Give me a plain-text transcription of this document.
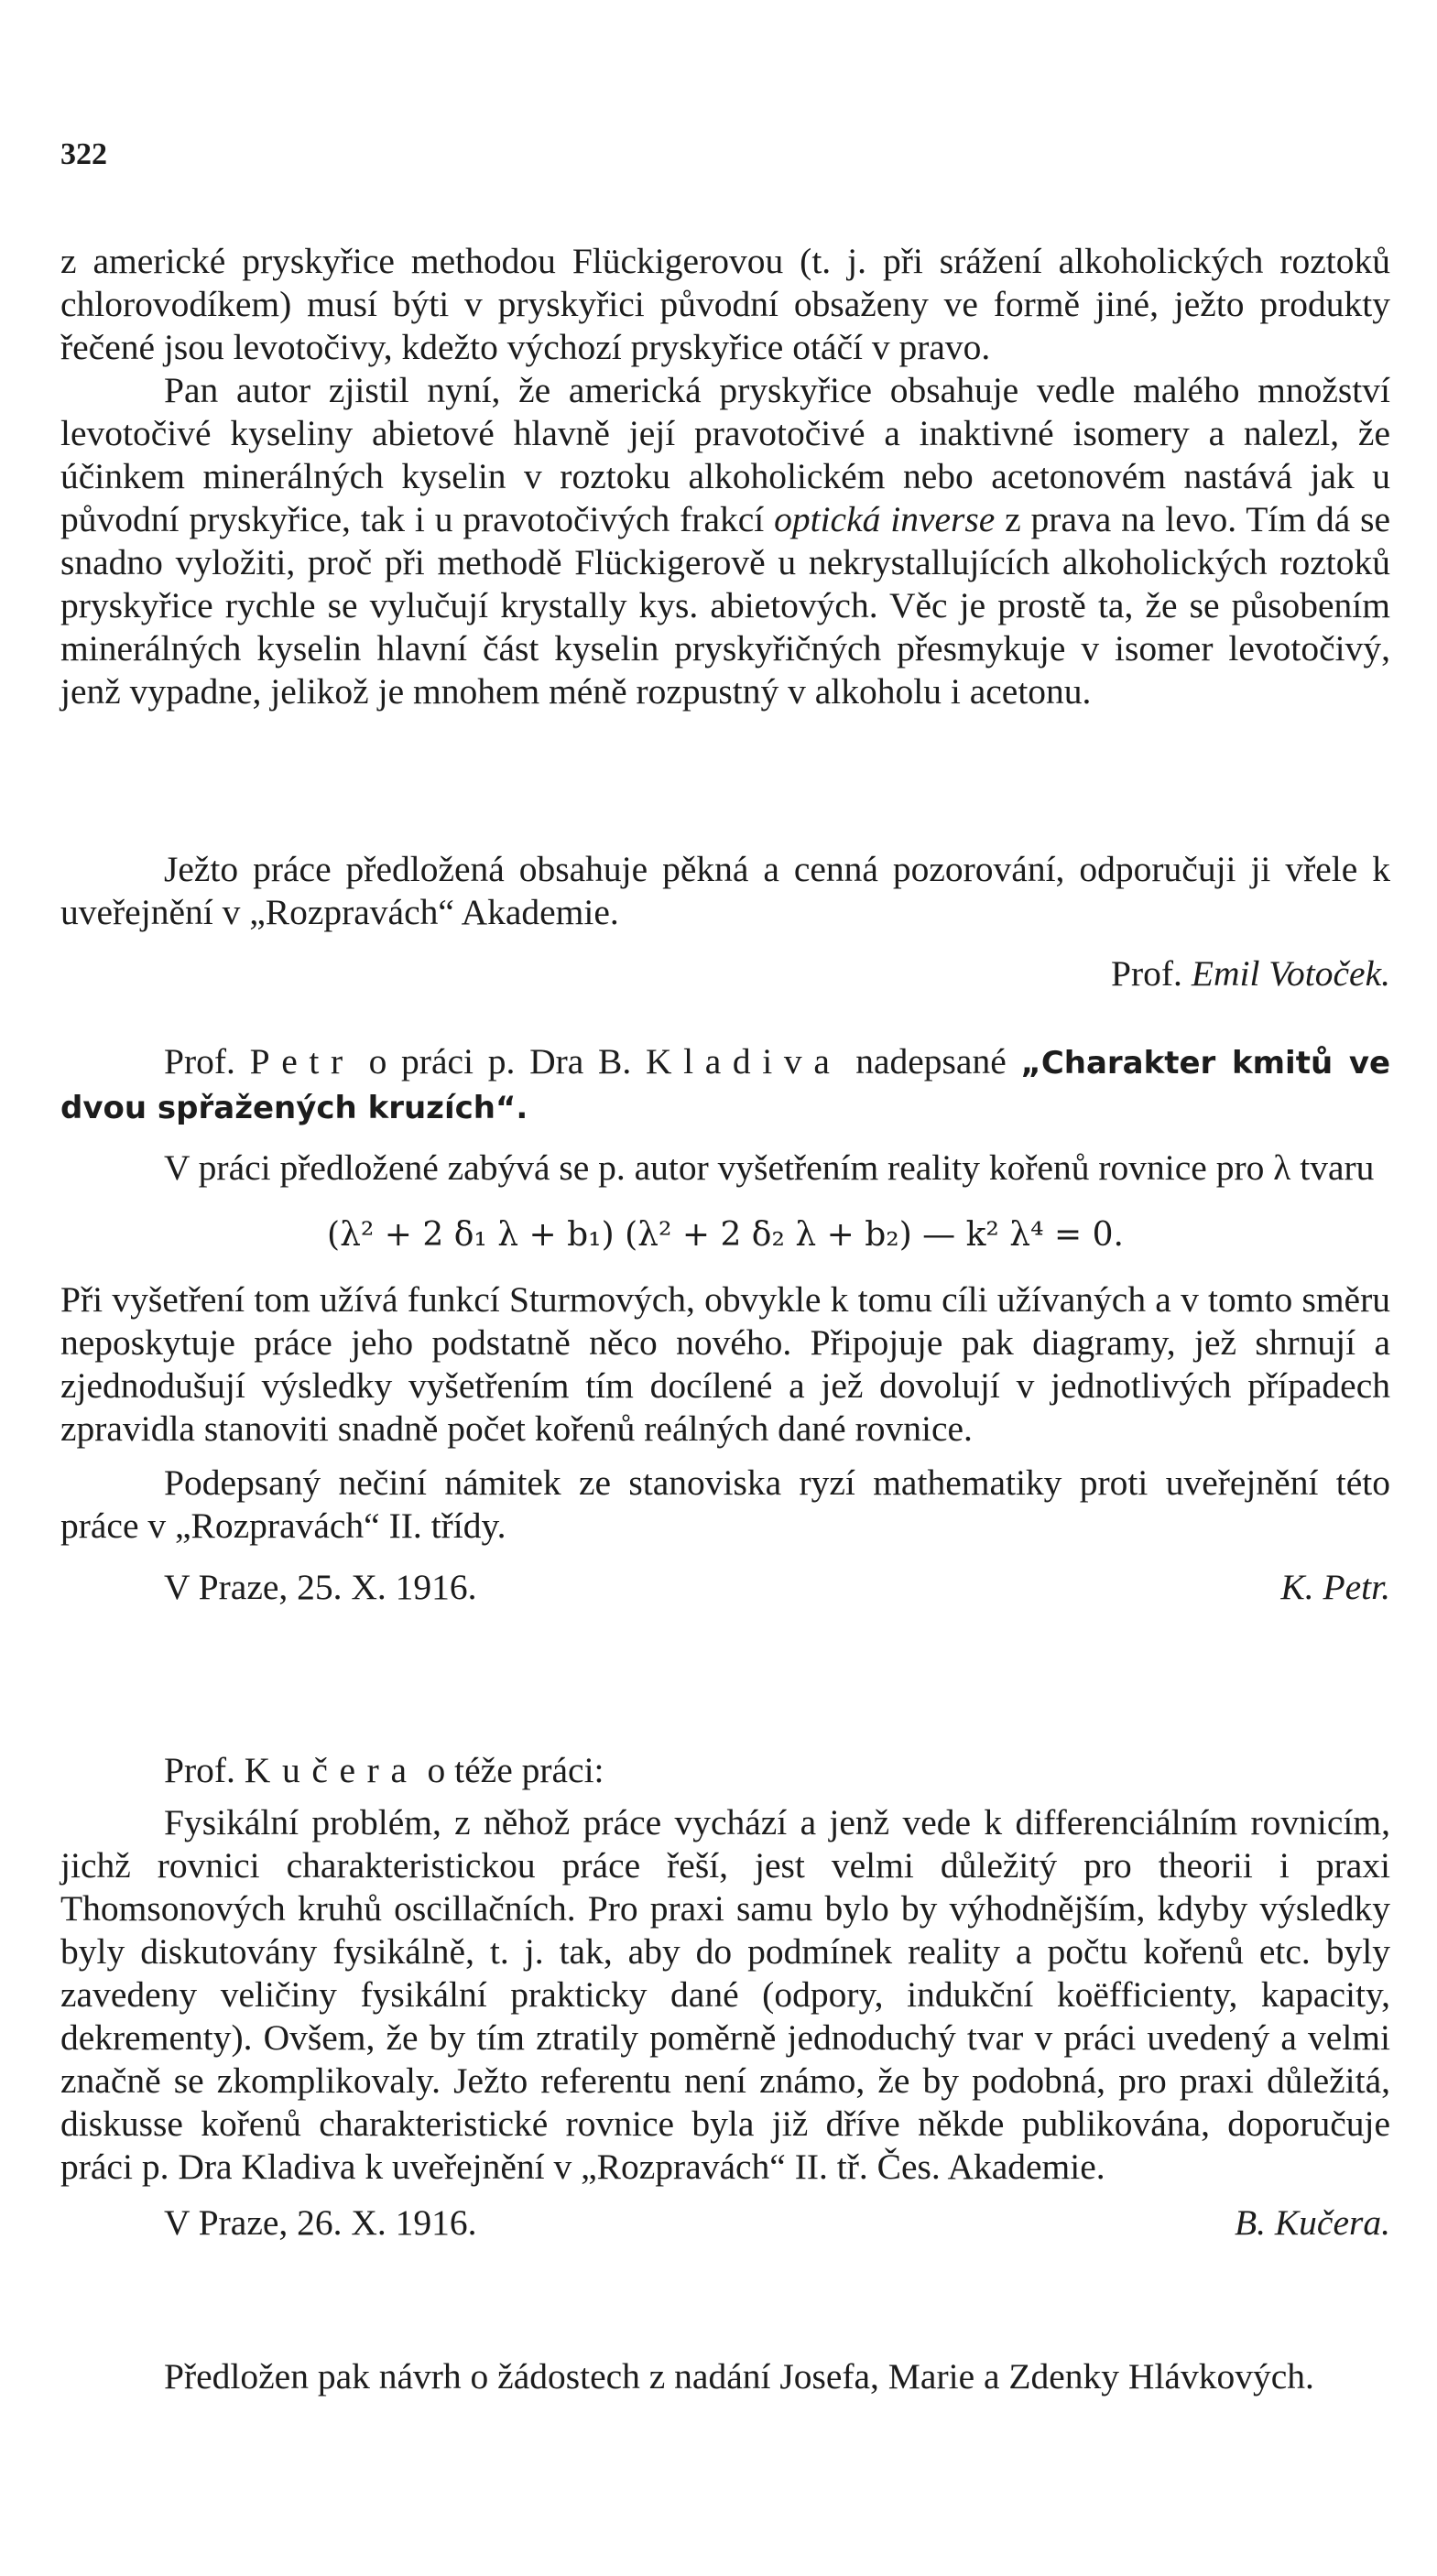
322

z americké pryskyřice methodou Flückigerovou (t. j. při srážení alkoholických roztoků chlorovodíkem) musí býti v pryskyřici původní obsaženy ve formě jiné, ježto produkty řečené jsou levotočivy, kdežto výchozí pryskyřice otáčí v pravo.

Pan autor zjistil nyní, že americká pryskyřice obsahuje vedle malého množství levotočivé kyseliny abietové hlavně její pravotočivé a inaktivné isomery a nalezl, že účinkem minerálných kyselin v roztoku alkoholickém nebo acetonovém nastává jak u původní pryskyřice, tak i u pravotočivých frakcí optická inverse z prava na levo. Tím dá se snadno vyložiti, proč při methodě Flückigerově u nekrystallujících alkoholických roztoků pryskyřice rychle se vylučují krystally kys. abietových. Věc je prostě ta, že se působením minerálných kyselin hlavní část kyselin pryskyřičných přesmykuje v isomer levotočivý, jenž vypadne, jelikož je mnohem méně rozpustný v alkoholu i acetonu.

Ježto práce předložená obsahuje pěkná a cenná pozorování, odporučuji ji vřele k uveřejnění v „Rozpravách“ Akademie.

Prof. Emil Votoček.

Prof. Petr o práci p. Dra B. Kladiva nadepsané „Charakter kmitů ve dvou spřažených kruzích“.

V práci předložené zabývá se p. autor vyšetřením reality kořenů rovnice pro λ tvaru

(λ² + 2 δ₁ λ + b₁) (λ² + 2 δ₂ λ + b₂) — k² λ⁴ = 0.

Při vyšetření tom užívá funkcí Sturmových, obvykle k tomu cíli užívaných a v tomto směru neposkytuje práce jeho podstatně něco nového. Připojuje pak diagramy, jež shrnují a zjednodušují výsledky vyšetřením tím docílené a jež dovolují v jednotlivých případech zpravidla stanoviti snadně počet kořenů reálných dané rovnice.

Podepsaný nečiní námitek ze stanoviska ryzí mathematiky proti uveřejnění této práce v „Rozpravách“ II. třídy.

V Praze, 25. X. 1916.	K. Petr.

Prof. Kučera o téže práci:

Fysikální problém, z něhož práce vychází a jenž vede k differenciálním rovnicím, jichž rovnici charakteristickou práce řeší, jest velmi důležitý pro theorii i praxi Thomsonových kruhů oscillačních. Pro praxi samu bylo by výhodnějším, kdyby výsledky byly diskutovány fysikálně, t. j. tak, aby do podmínek reality a počtu kořenů etc. byly zavedeny veličiny fysikální prakticky dané (odpory, indukční koëfficienty, kapacity, dekrementy). Ovšem, že by tím ztratily poměrně jednoduchý tvar v práci uvedený a velmi značně se zkomplikovaly. Ježto referentu není známo, že by podobná, pro praxi důležitá, diskusse kořenů charakteristické rovnice byla již dříve někde publikována, doporučuje práci p. Dra Kladiva k uveřejnění v „Rozpravách“ II. tř. Čes. Akademie.

V Praze, 26. X. 1916.	B. Kučera.

Předložen pak návrh o žádostech z nadání Josefa, Marie a Zdenky Hlávkových.
